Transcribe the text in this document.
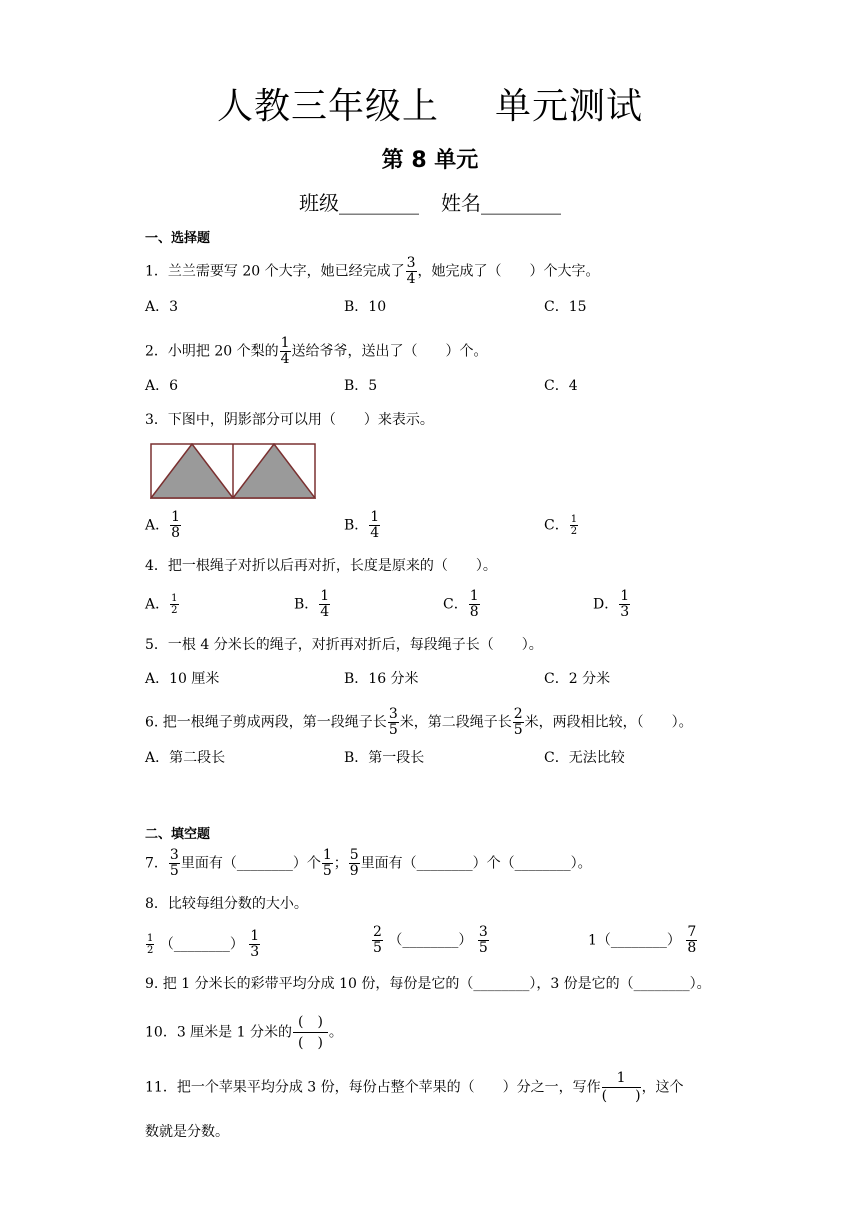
人教三年级上 单元测试
第 8 单元
班级________ 姓名________
一、选择题
1．兰兰需要写 20 个大字，她已经完成了 $\frac{3}{4}$ ，她完成了（　　）个大字。
A．3	B．10	C．15
2．小明把 20 个梨的 $\frac{1}{4}$ 送给爷爷，送出了（　　）个。
A．6	B．5	C．4
3．下图中，阴影部分可以用（　　）来表示。
A． $\frac{1}{8}$	B． $\frac{1}{4}$	C． $\frac{1}{2}$
4．把一根绳子对折以后再对折，长度是原来的（　　）。
A． $\frac{1}{2}$	B． $\frac{1}{4}$	C． $\frac{1}{8}$	D． $\frac{1}{3}$
5．一根 4 分米长的绳子，对折再对折后，每段绳子长（　　）。
A．10 厘米	B．16 分米	C．2 分米
6. 把一根绳子剪成两段，第一段绳子长 $\frac{3}{5}$ 米，第二段绳子长 $\frac{2}{5}$ 米，两段相比较，（　　）。
A．第二段长	B．第一段长	C．无法比较
二、填空题
7． $\frac{3}{5}$ 里面有（________）个 $\frac{1}{5}$ ； $\frac{5}{9}$ 里面有（________）个（________）。
8．比较每组分数的大小。
$\frac{1}{2}$ （________） $\frac{1}{3}$	$\frac{2}{5}$ （________） $\frac{3}{5}$	1（________） $\frac{7}{8}$
9. 把 1 分米长的彩带平均分成 10 份，每份是它的（________），3 份是它的（________）。
10．3 厘米是 1 分米的 $\frac{( )}{( )}$ 。
11．把一个苹果平均分成 3 份，每份占整个苹果的（　　）分之一，写作 $\frac{1}{( )}$ ，这个
数就是分数。
